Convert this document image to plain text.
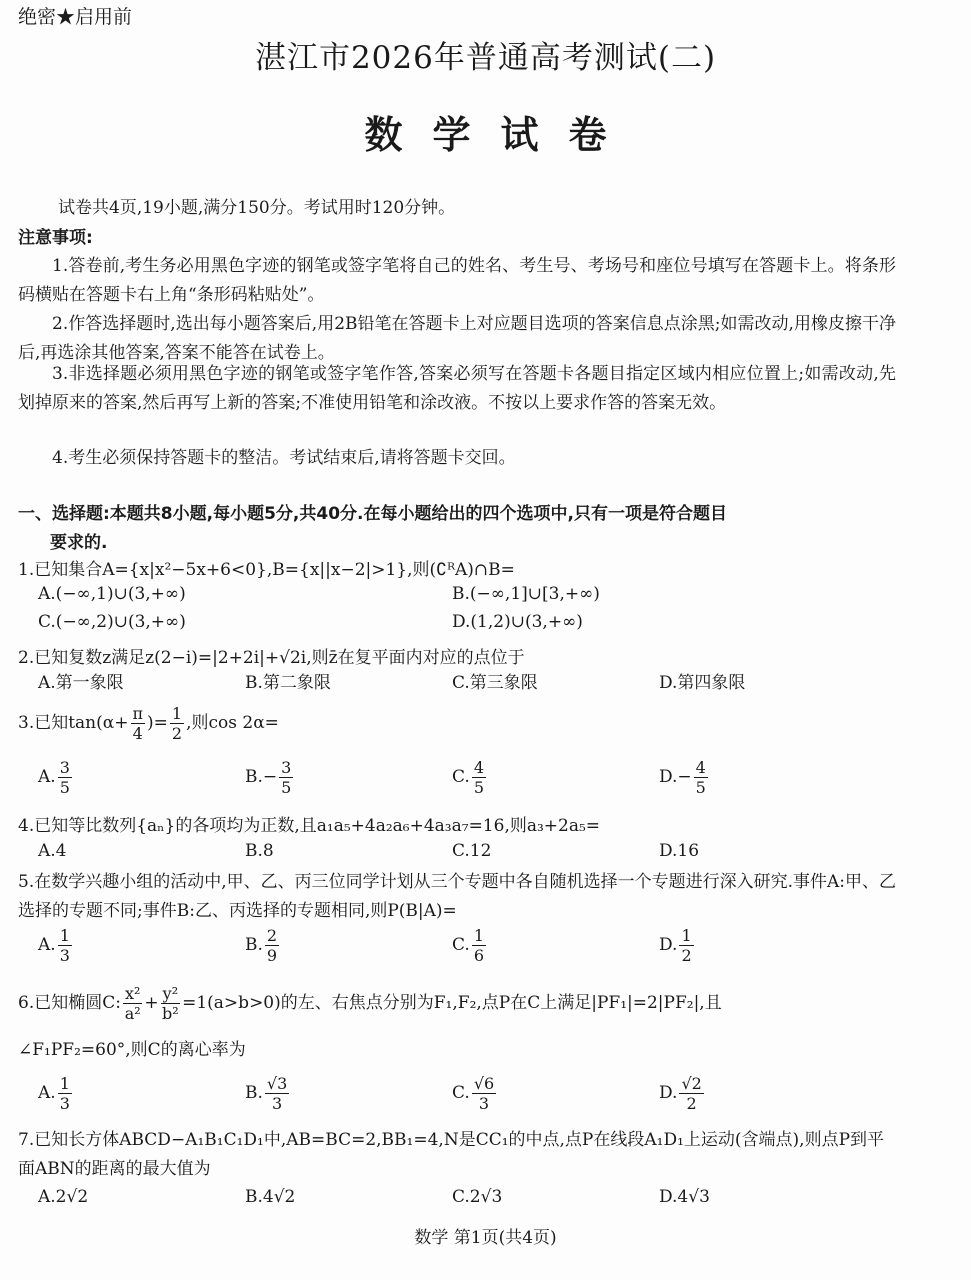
绝密★启用前
湛江市2026年普通高考测试(二)
数学试卷
试卷共4页,19小题,满分150分。考试用时120分钟。
注意事项:
1.答卷前,考生务必用黑色字迹的钢笔或签字笔将自己的姓名、考生号、考场号和座位号填写在答题卡上。将条形码横贴在答题卡右上角“条形码粘贴处”。
2.作答选择题时,选出每小题答案后,用2B铅笔在答题卡上对应题目选项的答案信息点涂黑;如需改动,用橡皮擦干净后,再选涂其他答案,答案不能答在试卷上。
3.非选择题必须用黑色字迹的钢笔或签字笔作答,答案必须写在答题卡各题目指定区域内相应位置上;如需改动,先划掉原来的答案,然后再写上新的答案;不准使用铅笔和涂改液。不按以上要求作答的答案无效。
4.考生必须保持答题卡的整洁。考试结束后,请将答题卡交回。
一、选择题:本题共8小题,每小题5分,共40分.在每小题给出的四个选项中,只有一项是符合题目
要求的.
1.已知集合A={x|x²−5x+6<0},B={x||x−2|>1},则(∁ᴿA)∩B=
A.(−∞,1)∪(3,+∞)	B.(−∞,1]∪[3,+∞)
C.(−∞,2)∪(3,+∞)	D.(1,2)∪(3,+∞)
2.已知复数z满足z(2−i)=|2+2i|+√2i,则z̄在复平面内对应的点位于
A.第一象限	B.第二象限	C.第三象限	D.第四象限
3.已知$\tan(\alpha+ \frac{\pi}{4}$ )= $\frac{1}{2}$ ,则cos 2α=
A. $\frac{3}{5}$	$B.- \frac{3}{5}$	C. $\frac{4}{5}$	$D.- \frac{4}{5}$
4.已知等比数列{aₙ}的各项均为正数,且a₁a₅+4a₂a₆+4a₃a₇=16,则a₃+2a₅=
A.4	B.8	C.12	D.16
5.在数学兴趣小组的活动中,甲、乙、丙三位同学计划从三个专题中各自随机选择一个专题进行深入研究.事件A:甲、乙选择的专题不同;事件B:乙、丙选择的专题相同,则P(B|A)=
A. $\frac{1}{3}$	B. $\frac{2}{9}$	C. $\frac{1}{6}$	D. $\frac{1}{2}$
6.已知椭圆C: $\frac{\text{x²}}{\text{a²}} + \frac{\text{y²}}{\text{b²}} =1(a>b>0)$的左、右焦点分别为F₁,F₂,点P在C上满足|PF₁|=2|PF₂|,且
∠F₁PF₂=60°,则C的离心率为
A. $\frac{1}{3}$	B. $\frac{√3}{3}$	C. $\frac{√6}{3}$	D. $\frac{√2}{2}$
7.已知长方体ABCD−A₁B₁C₁D₁中,AB=BC=2,BB₁=4,N是CC₁的中点,点P在线段A₁D₁上运动(含端点),则点P到平面ABN的距离的最大值为
A.2√2	B.4√2	C.2√3	D.4√3
数学 第1页(共4页)
